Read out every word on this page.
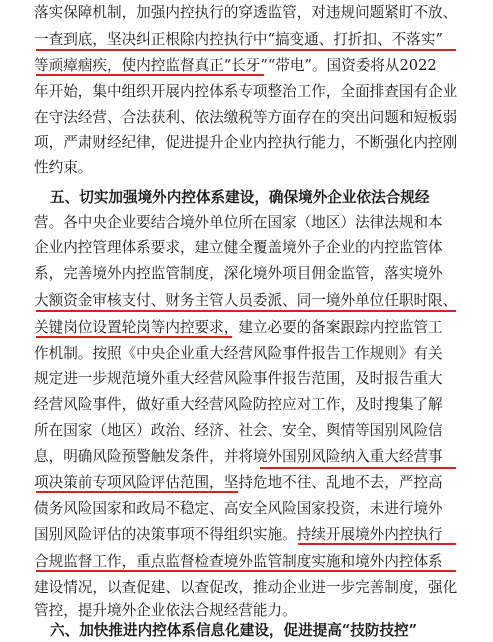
落实保障机制，加强内控执行的穿透监管，对违规问题紧盯不放、
一查到底，坚决纠正根除内控执行中“搞变通、打折扣、不落实”
等顽瘴痼疾，使内控监督真正“长牙”“带电”。国资委将从2022
年开始，集中组织开展内控体系专项整治工作，全面排查国有企业
在守法经营、合法获利、依法缴税等方面存在的突出问题和短板弱
项，严肃财经纪律，促进提升企业内控执行能力，不断强化内控刚
性约束。
五、切实加强境外内控体系建设，确保境外企业依法合规经
营。各中央企业要结合境外单位所在国家（地区）法律法规和本
企业内控管理体系要求，建立健全覆盖境外子企业的内控监管体
系，完善境外内控监管制度，深化境外项目佣金监管，落实境外
大额资金审核支付、财务主管人员委派、同一境外单位任职时限、
关键岗位设置轮岗等内控要求，建立必要的备案跟踪内控监管工
作机制。按照《中央企业重大经营风险事件报告工作规则》有关
规定进一步规范境外重大经营风险事件报告范围，及时报告重大
经营风险事件，做好重大经营风险防控应对工作，及时搜集了解
所在国家（地区）政治、经济、社会、安全、舆情等国别风险信
息，明确风险预警触发条件，并将境外国别风险纳入重大经营事
项决策前专项风险评估范围，坚持危地不往、乱地不去，严控高
债务风险国家和政局不稳定、高安全风险国家投资，未进行境外
国别风险评估的决策事项不得组织实施。持续开展境外内控执行
合规监督工作，重点监督检查境外监管制度实施和境外内控体系
建设情况，以查促建、以查促改，推动企业进一步完善制度，强化
管控，提升境外企业依法合规经营能力。
六、加快推进内控体系信息化建设，促进提高“技防技控”
